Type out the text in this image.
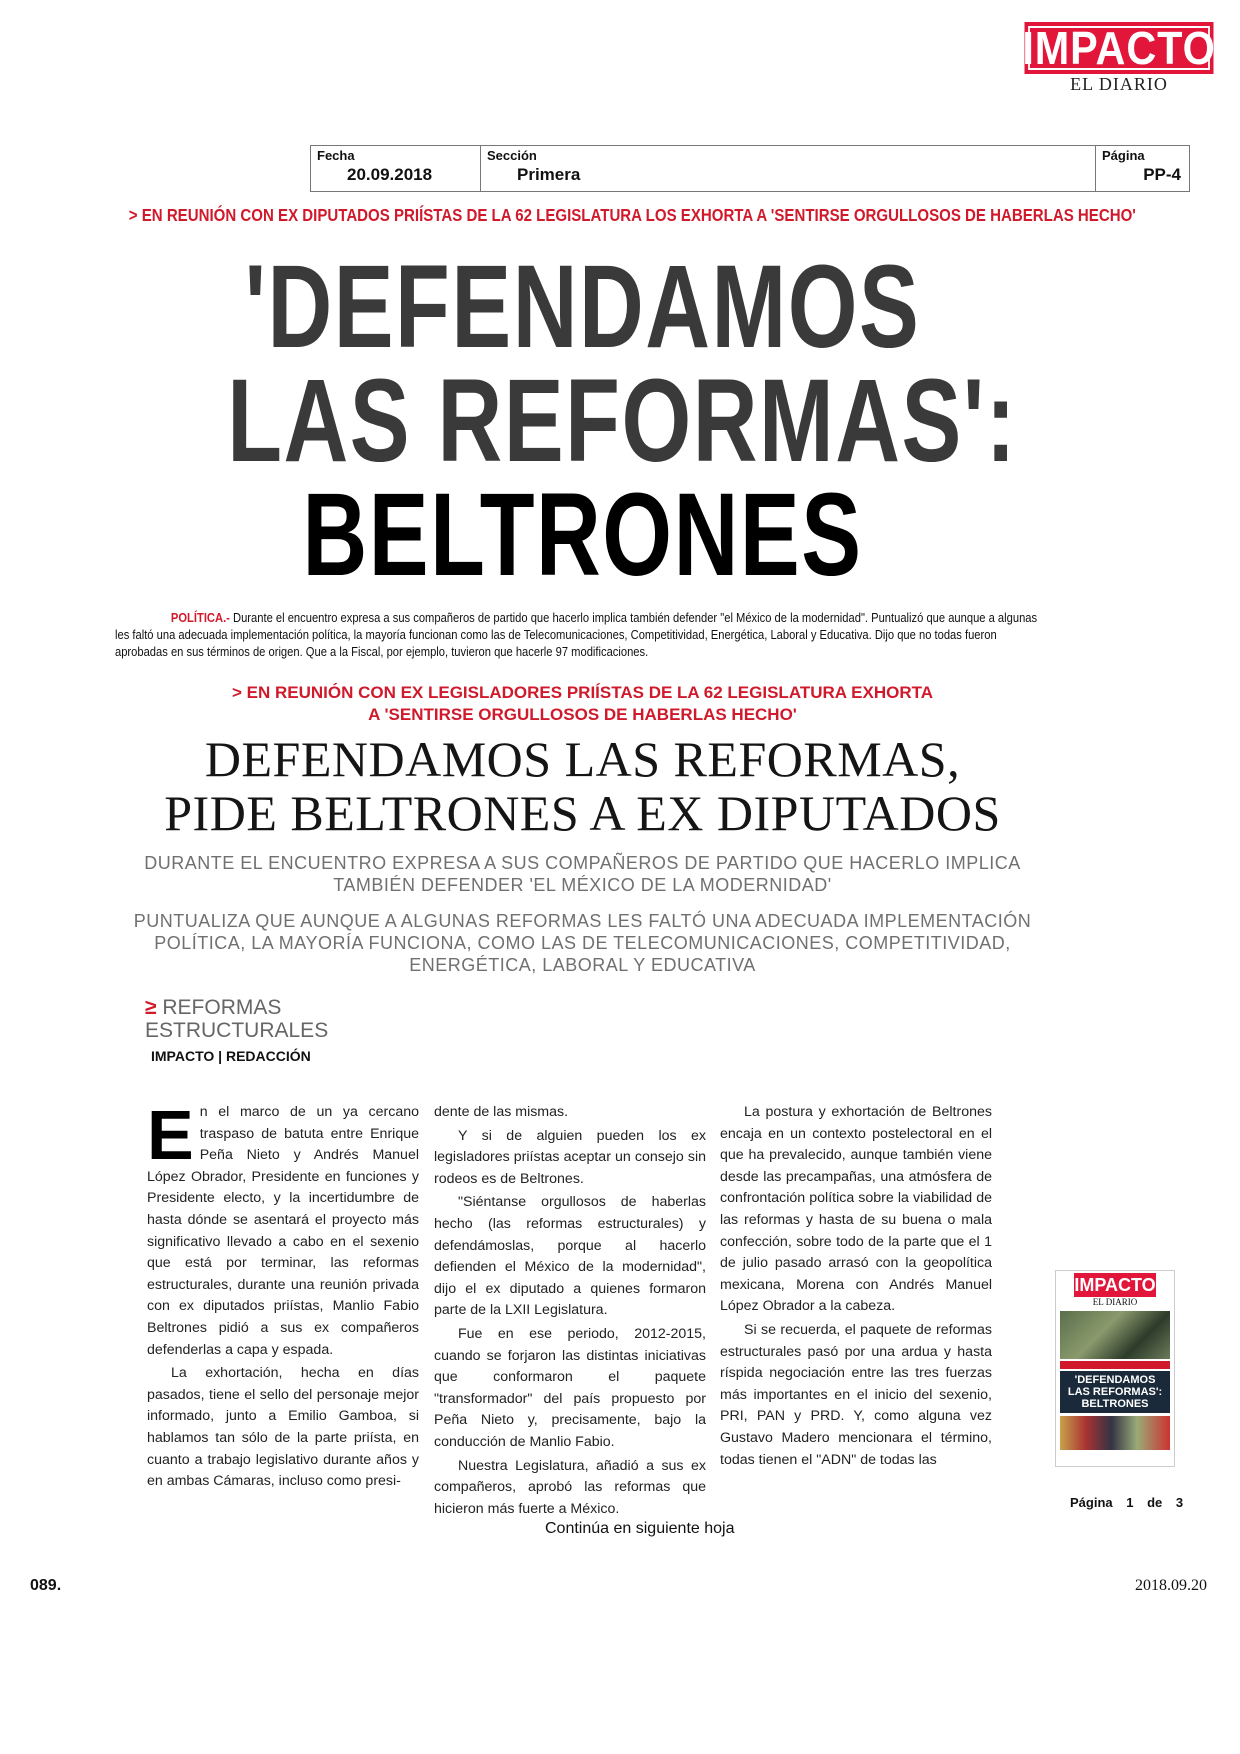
IMPACTO
EL DIARIO
Fecha
20.09.2018
Sección
Primera
Página
PP-4
> EN REUNIÓN CON EX DIPUTADOS PRIÍSTAS DE LA 62 LEGISLATURA LOS EXHORTA A 'SENTIRSE ORGULLOSOS DE HABERLAS HECHO'
'DEFENDAMOS
LAS REFORMAS':
BELTRONES
POLÍTICA.- Durante el encuentro expresa a sus compañeros de partido que hacerlo implica también defender "el México de la modernidad". Puntualizó que aunque a algunas les faltó una adecuada implementación política, la mayoría funcionan como las de Telecomunicaciones, Competitividad, Energética, Laboral y Educativa. Dijo que no todas fueron aprobadas en sus términos de origen. Que a la Fiscal, por ejemplo, tuvieron que hacerle 97 modificaciones.
> EN REUNIÓN CON EX LEGISLADORES PRIÍSTAS DE LA 62 LEGISLATURA EXHORTA
A 'SENTIRSE ORGULLOSOS DE HABERLAS HECHO'
DEFENDAMOS LAS REFORMAS,
PIDE BELTRONES A EX DIPUTADOS
DURANTE EL ENCUENTRO EXPRESA A SUS COMPAÑEROS DE PARTIDO QUE HACERLO IMPLICA TAMBIÉN DEFENDER 'EL MÉXICO DE LA MODERNIDAD'
PUNTUALIZA QUE AUNQUE A ALGUNAS REFORMAS LES FALTÓ UNA ADECUADA IMPLEMENTACIÓN POLÍTICA, LA MAYORÍA FUNCIONA, COMO LAS DE TELECOMUNICACIONES, COMPETITIVIDAD, ENERGÉTICA, LABORAL Y EDUCATIVA
≥ REFORMAS
ESTRUCTURALES
IMPACTO | REDACCIÓN

En el marco de un ya cercano traspaso de batuta entre Enrique Peña Nieto y Andrés Manuel López Obrador, Presidente en funciones y Presidente electo, y la incertidumbre de hasta dónde se asentará el proyecto más significativo llevado a cabo en el sexenio que está por terminar, las reformas estructurales, durante una reunión privada con ex diputados priístas, Manlio Fabio Beltrones pidió a sus ex compañeros defenderlas a capa y espada.

La exhortación, hecha en días pasados, tiene el sello del personaje mejor informado, junto a Emilio Gamboa, si hablamos tan sólo de la parte priísta, en cuanto a trabajo legislativo durante años y en ambas Cámaras, incluso como presi-

dente de las mismas.

Y si de alguien pueden los ex legisladores priístas aceptar un consejo sin rodeos es de Beltrones.

"Siéntanse orgullosos de haberlas hecho (las reformas estructurales) y defendámoslas, porque al hacerlo defienden el México de la modernidad", dijo el ex diputado a quienes formaron parte de la LXII Legislatura.

Fue en ese periodo, 2012-2015, cuando se forjaron las distintas iniciativas que conformaron el paquete "transformador" del país propuesto por Peña Nieto y, precisamente, bajo la conducción de Manlio Fabio.

Nuestra Legislatura, añadió a sus ex compañeros, aprobó las reformas que hicieron más fuerte a México.

La postura y exhortación de Beltrones encaja en un contexto postelectoral en el que ha prevalecido, aunque también viene desde las precampañas, una atmósfera de confrontación política sobre la viabilidad de las reformas y hasta de su buena o mala confección, sobre todo de la parte que el 1 de julio pasado arrasó con la geopolítica mexicana, Morena con Andrés Manuel López Obrador a la cabeza.

Si se recuerda, el paquete de reformas estructurales pasó por una ardua y hasta ríspida negociación entre las tres fuerzas más importantes en el inicio del sexenio, PRI, PAN y PRD. Y, como alguna vez Gustavo Madero mencionara el término, todas tienen el "ADN" de todas las

IMPACTO
EL DIARIO
'DEFENDAMOS
LAS REFORMAS':
BELTRONES
Página 1 de 3
Continúa en siguiente hoja
089.	2018.09.20
